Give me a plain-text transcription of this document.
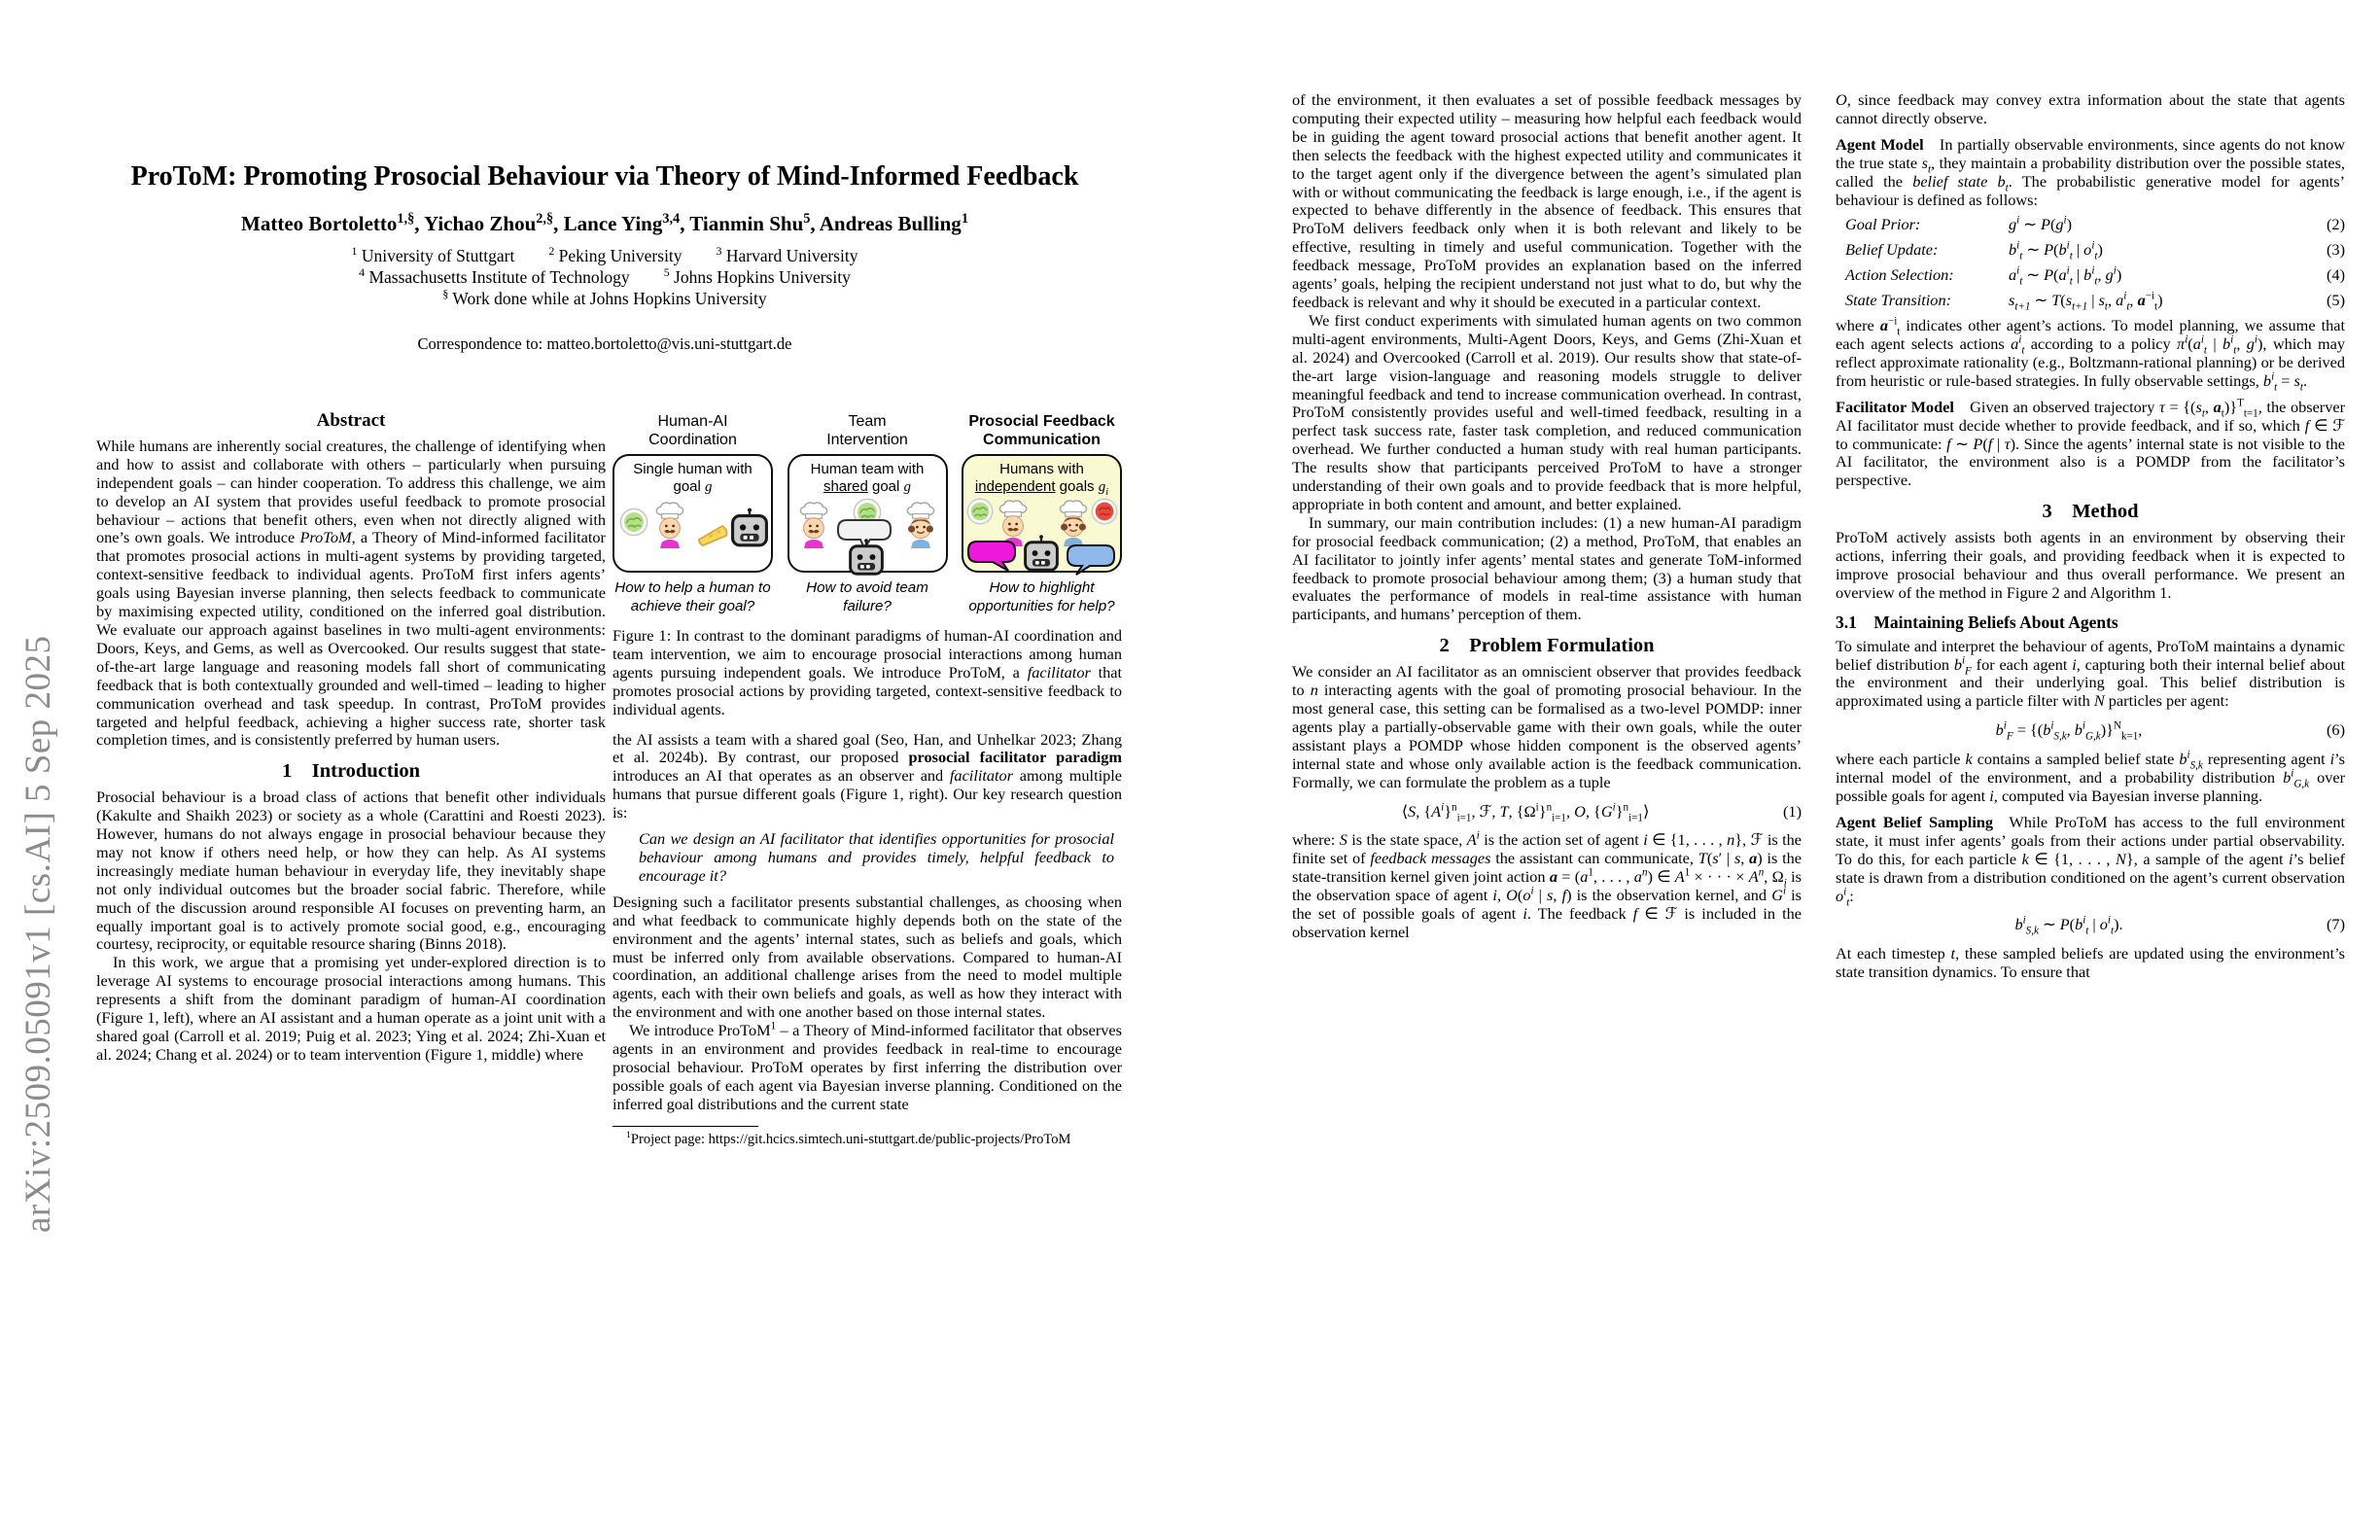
arXiv:2509.05091v1 [cs.AI] 5 Sep 2025
ProToM: Promoting Prosocial Behaviour via Theory of Mind-Informed Feedback
Matteo Bortoletto$^{1,\S}$, Yichao Zhou$^{2,\S}$, Lance Ying$^{3,4}$, Tianmin Shu$^5$, Andreas Bulling$^1$
$^1$ University of Stuttgart  $^2$ Peking University  $^3$ Harvard University
$^4$ Massachusetts Institute of Technology  $^5$ Johns Hopkins University
§ Work done while at Johns Hopkins University
Correspondence to: matteo.bortoletto@vis.uni-stuttgart.de
Abstract

While humans are inherently social creatures, the challenge of identifying when and how to assist and collaborate with others – particularly when pursuing independent goals – can hinder cooperation. To address this challenge, we aim to develop an AI system that provides useful feedback to promote prosocial behaviour – actions that benefit others, even when not directly aligned with one’s own goals. We introduce ProToM, a Theory of Mind-informed facilitator that promotes prosocial actions in multi-agent systems by providing targeted, context-sensitive feedback to individual agents. ProToM first infers agents’ goals using Bayesian inverse planning, then selects feedback to communicate by maximising expected utility, conditioned on the inferred goal distribution. We evaluate our approach against baselines in two multi-agent environments: Doors, Keys, and Gems, as well as Overcooked. Our results suggest that state-of-the-art large language and reasoning models fall short of communicating feedback that is both contextually grounded and well-timed – leading to higher communication overhead and task speedup. In contrast, ProToM provides targeted and helpful feedback, achieving a higher success rate, shorter task completion times, and is consistently preferred by human users.

1 Introduction

Prosocial behaviour is a broad class of actions that benefit other individuals (Kakulte and Shaikh 2023) or society as a whole (Carattini and Roesti 2023). However, humans do not always engage in prosocial behaviour because they may not know if others need help, or how they can help. As AI systems increasingly mediate human behaviour in everyday life, they inevitably shape not only individual outcomes but the broader social fabric. Therefore, while much of the discussion around responsible AI focuses on preventing harm, an equally important goal is to actively promote social good, e.g., encouraging courtesy, reciprocity, or equitable resource sharing (Binns 2018).

In this work, we argue that a promising yet under-explored direction is to leverage AI systems to encourage prosocial interactions among humans. This represents a shift from the dominant paradigm of human-AI coordination (Figure 1, left), where an AI assistant and a human operate as a joint unit with a shared goal (Carroll et al. 2019; Puig et al. 2023; Ying et al. 2024; Zhi-Xuan et al. 2024; Chang et al. 2024) or to team intervention (Figure 1, middle) where

Human-AI
Coordination
Single human with
goal g
How to help a human to
achieve their goal?
Team
Intervention
Human team with
shared goal g
How to avoid team
failure?
Prosocial Feedback
Communication
Humans with
independent goals $g_i$
How to highlight
opportunities for help?
Figure 1: In contrast to the dominant paradigms of human-AI coordination and team intervention, we aim to encourage prosocial interactions among human agents pursuing independent goals. We introduce ProToM, a facilitator that promotes prosocial actions by providing targeted, context-sensitive feedback to individual agents.

the AI assists a team with a shared goal (Seo, Han, and Unhelkar 2023; Zhang et al. 2024b). By contrast, our proposed prosocial facilitator paradigm introduces an AI that operates as an observer and facilitator among multiple humans that pursue different goals (Figure 1, right). Our key research question is:

Can we design an AI facilitator that identifies opportunities for prosocial behaviour among humans and provides timely, helpful feedback to encourage it?

Designing such a facilitator presents substantial challenges, as choosing when and what feedback to communicate highly depends both on the state of the environment and the agents’ internal states, such as beliefs and goals, which must be inferred only from available observations. Compared to human-AI coordination, an additional challenge arises from the need to model multiple agents, each with their own beliefs and goals, as well as how they interact with the environment and with one another based on those internal states.

We introduce ProToM$^1$ – a Theory of Mind-informed facilitator that observes agents in an environment and provides feedback in real-time to encourage prosocial behaviour. ProToM operates by first inferring the distribution over possible goals of each agent via Bayesian inverse planning. Conditioned on the inferred goal distributions and the current state

$^1$Project page: https://git.hcics.simtech.uni-stuttgart.de/public-projects/ProToM

of the environment, it then evaluates a set of possible feedback messages by computing their expected utility – measuring how helpful each feedback would be in guiding the agent toward prosocial actions that benefit another agent. It then selects the feedback with the highest expected utility and communicates it to the target agent only if the divergence between the agent’s simulated plan with or without communicating the feedback is large enough, i.e., if the agent is expected to behave differently in the absence of feedback. This ensures that ProToM delivers feedback only when it is both relevant and likely to be effective, resulting in timely and useful communication. Together with the feedback message, ProToM provides an explanation based on the inferred agents’ goals, helping the recipient understand not just what to do, but why the feedback is relevant and why it should be executed in a particular context.

We first conduct experiments with simulated human agents on two common multi-agent environments, Multi-Agent Doors, Keys, and Gems (Zhi-Xuan et al. 2024) and Overcooked (Carroll et al. 2019). Our results show that state-of-the-art large vision-language and reasoning models struggle to deliver meaningful feedback and tend to increase communication overhead. In contrast, ProToM consistently provides useful and well-timed feedback, resulting in a perfect task success rate, faster task completion, and reduced communication overhead. We further conducted a human study with real human participants. The results show that participants perceived ProToM to have a stronger understanding of their own goals and to provide feedback that is more helpful, appropriate in both content and amount, and better explained.

In summary, our main contribution includes: (1) a new human-AI paradigm for prosocial feedback communication; (2) a method, ProToM, that enables an AI facilitator to jointly infer agents’ mental states and generate ToM-informed feedback to promote prosocial behaviour among them; (3) a human study that evaluates the performance of models in real-time assistance with human participants, and humans’ perception of them.

2 Problem Formulation

We consider an AI facilitator as an omniscient observer that provides feedback to n interacting agents with the goal of promoting prosocial behaviour. In the most general case, this setting can be formalised as a two-level POMDP: inner agents play a partially-observable game with their own goals, while the outer assistant plays a POMDP whose hidden component is the observed agents’ internal state and whose only available action is the feedback communication. Formally, we can formulate the problem as a tuple

⟨S, $\{A^i\}^n_{i=1}$, ℱ, T, $\{\Omega^i\}^n_{i=1}$, O, $\{G^i\}^n_{i=1}⟩$	(1)

where: S is the state space, $A^i$ is the action set of agent i ∈ {1, . . . , n}, ℱ is the finite set of feedback messages the assistant can communicate, T(s′ | s, a) is the state-transition kernel given joint action $a = (a^1$, . . . , $a^n$) ∈ $A^1$ × · · · × $A^n$, $\Omega_i$ is the observation space of agent i, $O(o^i$ | s, f) is the observation kernel, and $G^i$ is the set of possible goals of agent i. The feedback f ∈ ℱ is included in the observation kernel

O, since feedback may convey extra information about the state that agents cannot directly observe.

Agent Model In partially observable environments, since agents do not know the true state $s_t$, they maintain a probability distribution over the possible states, called the belief state $b_t$. The probabilistic generative model for agents’ behaviour is defined as follows:

Goal Prior:	$g^i$ ∼ $P(g^i)$	(2)
Belief Update:	$b^i_t$ ∼ $P(b^i_t$ | $o^i_t$)	(3)
Action Selection:	$a^i_t$ ∼ $P(a^i_t$ | $b^i_t$, $g^i$)	(4)
State Transition:	$s_{t+1}$ ∼ $T(s_{t+1}$ | $s_t$, $a^i_t$, $a^{-i}_t$)	(5)

where $a^{-i}_t$ indicates other agent’s actions. To model planning, we assume that each agent selects actions $a^i_t$ according to a policy $\pi^i(a^i_t$ | $b^i_t$, $g^i$), which may reflect approximate rationality (e.g., Boltzmann-rational planning) or be derived from heuristic or rule-based strategies. In fully observable settings, $b^i_t = s_t$.

Facilitator Model Given an observed trajectory $\tau = \{(s_t$, $a_t)\}^T_{t=1}$, the observer AI facilitator must decide whether to provide feedback, and if so, which f ∈ ℱ to communicate: f ∼ P(f | τ). Since the agents’ internal state is not visible to the AI facilitator, the environment also is a POMDP from the facilitator’s perspective.

3 Method

ProToM actively assists both agents in an environment by observing their actions, inferring their goals, and providing feedback when it is expected to improve prosocial behaviour and thus overall performance. We present an overview of the method in Figure 2 and Algorithm 1.

3.1 Maintaining Beliefs About Agents

To simulate and interpret the behaviour of agents, ProToM maintains a dynamic belief distribution $b^i_F$ for each agent i, capturing both their internal belief about the environment and their underlying goal. This belief distribution is approximated using a particle filter with N particles per agent:

$b^i_F = \{(b^i_{S,k}$, $b^i_{G,k})\}^N_{k=1}$,	(6)

where each particle k contains a sampled belief state $b^i_{S,k}$ representing agent i’s internal model of the environment, and a probability distribution $b^i_{G,k}$ over possible goals for agent i, computed via Bayesian inverse planning.

Agent Belief Sampling While ProToM has access to the full environment state, it must infer agents’ goals from their actions under partial observability. To do this, for each particle k ∈ {1, . . . , N}, a sample of the agent i’s belief state is drawn from a distribution conditioned on the agent’s current observation $o^i_t$:

$b^i_{S,k}$ ∼ $P(b^i_t$ | $o^i_t$).	(7)

At each timestep t, these sampled beliefs are updated using the environment’s state transition dynamics. To ensure that
